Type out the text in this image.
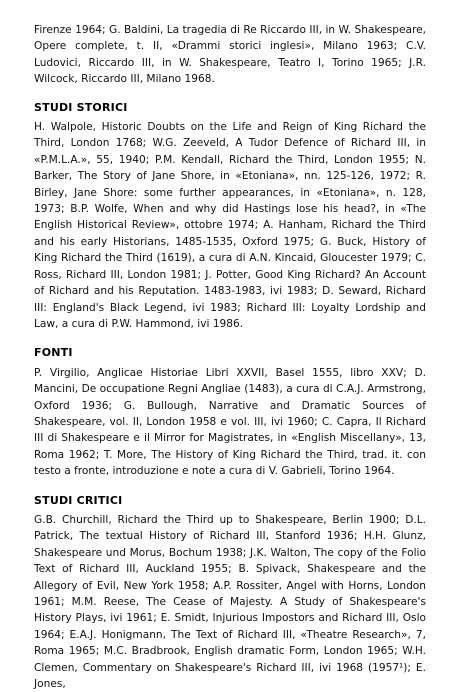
Firenze 1964; G. Baldini, La tragedia di Re Riccardo III, in W. Shakespeare, Opere complete, t. II, «Drammi storici inglesi», Milano 1963; C.V. Ludovici, Riccardo III, in W. Shakespeare, Teatro I, Torino 1965; J.R. Wilcock, Riccardo III, Milano 1968.

STUDI STORICI

H. Walpole, Historic Doubts on the Life and Reign of King Richard the Third, London 1768; W.G. Zeeveld, A Tudor Defence of Richard III, in «P.M.L.A.», 55, 1940; P.M. Kendall, Richard the Third, London 1955; N. Barker, The Story of Jane Shore, in «Etoniana», nn. 125-126, 1972; R. Birley, Jane Shore: some further appearances, in «Etoniana», n. 128, 1973; B.P. Wolfe, When and why did Hastings lose his head?, in «The English Historical Review», ottobre 1974; A. Hanham, Richard the Third and his early Historians, 1485-1535, Oxford 1975; G. Buck, History of King Richard the Third (1619), a cura di A.N. Kincaid, Gloucester 1979; C. Ross, Richard III, London 1981; J. Potter, Good King Richard? An Account of Richard and his Reputation. 1483-1983, ivi 1983; D. Seward, Richard III: England's Black Legend, ivi 1983; Richard III: Loyalty Lordship and Law, a cura di P.W. Hammond, ivi 1986.

FONTI

P. Virgilio, Anglicae Historiae Libri XXVII, Basel 1555, libro XXV; D. Mancini, De occupatione Regni Angliae (1483), a cura di C.A.J. Armstrong, Oxford 1936; G. Bullough, Narrative and Dramatic Sources of Shakespeare, vol. II, London 1958 e vol. III, ivi 1960; C. Capra, Il Richard III di Shakespeare e il Mirror for Magistrates, in «English Miscellany», 13, Roma 1962; T. More, The History of King Richard the Third, trad. it. con testo a fronte, introduzione e note a cura di V. Gabrieli, Torino 1964.

STUDI CRITICI

G.B. Churchill, Richard the Third up to Shakespeare, Berlin 1900; D.L. Patrick, The textual History of Richard III, Stanford 1936; H.H. Glunz, Shakespeare und Morus, Bochum 1938; J.K. Walton, The copy of the Folio Text of Richard III, Auckland 1955; B. Spivack, Shakespeare and the Allegory of Evil, New York 1958; A.P. Rossiter, Angel with Horns, London 1961; M.M. Reese, The Cease of Majesty. A Study of Shakespeare's History Plays, ivi 1961; E. Smidt, Injurious Impostors and Richard III, Oslo 1964; E.A.J. Honigmann, The Text of Richard III, «Theatre Research», 7, Roma 1965; M.C. Bradbrook, English dramatic Form, London 1965; W.H. Clemen, Commentary on Shakespeare's Richard III, ivi 1968 (1957¹); E. Jones,
